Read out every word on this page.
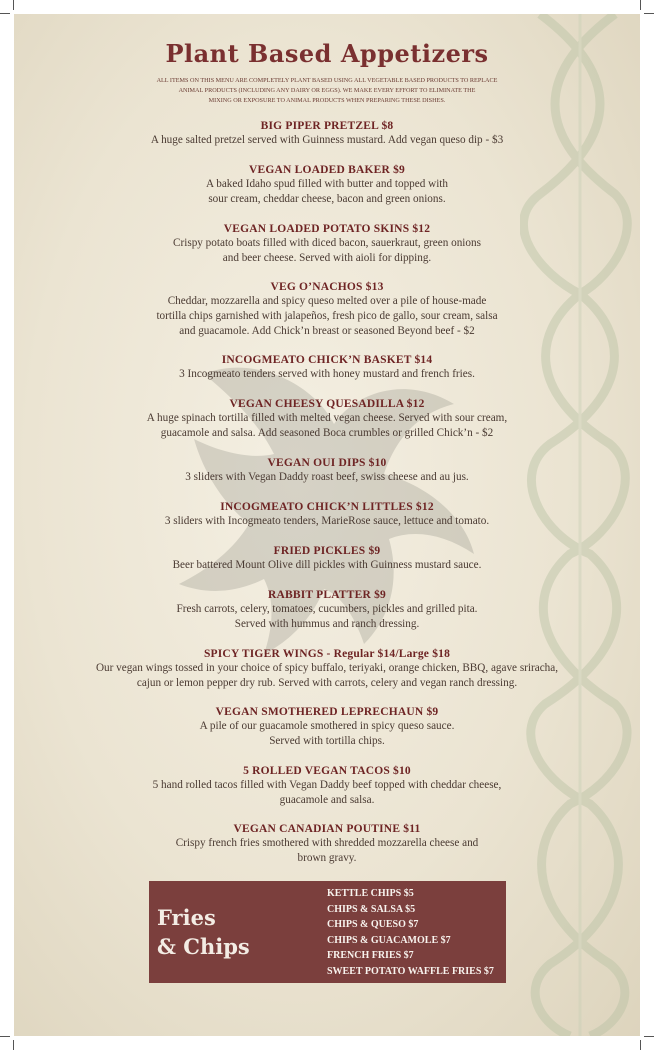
Plant Based Appetizers
ALL ITEMS ON THIS MENU ARE COMPLETELY PLANT BASED USING ALL VEGETABLE BASED PRODUCTS TO REPLACE
ANIMAL PRODUCTS (INCLUDING ANY DAIRY OR EGGS). WE MAKE EVERY EFFORT TO ELIMINATE THE
MIXING OR EXPOSURE TO ANIMAL PRODUCTS WHEN PREPARING THESE DISHES.
BIG PIPER PRETZEL $8
A huge salted pretzel served with Guinness mustard. Add vegan queso dip - $3
VEGAN LOADED BAKER $9
A baked Idaho spud filled with butter and topped with
sour cream, cheddar cheese, bacon and green onions.
VEGAN LOADED POTATO SKINS $12
Crispy potato boats filled with diced bacon, sauerkraut, green onions
and beer cheese. Served with aioli for dipping.
VEG O’NACHOS $13
Cheddar, mozzarella and spicy queso melted over a pile of house-made
tortilla chips garnished with jalapeños, fresh pico de gallo, sour cream, salsa
and guacamole. Add Chick’n breast or seasoned Beyond beef - $2
INCOGMEATO CHICK’N BASKET $14
3 Incogmeato tenders served with honey mustard and french fries.
VEGAN CHEESY QUESADILLA $12
A huge spinach tortilla filled with melted vegan cheese. Served with sour cream,
guacamole and salsa. Add seasoned Boca crumbles or grilled Chick’n - $2
VEGAN OUI DIPS $10
3 sliders with Vegan Daddy roast beef, swiss cheese and au jus.
INCOGMEATO CHICK’N LITTLES $12
3 sliders with Incogmeato tenders, MarieRose sauce, lettuce and tomato.
FRIED PICKLES $9
Beer battered Mount Olive dill pickles with Guinness mustard sauce.
RABBIT PLATTER $9
Fresh carrots, celery, tomatoes, cucumbers, pickles and grilled pita.
Served with hummus and ranch dressing.
SPICY TIGER WINGS - Regular $14/Large $18
Our vegan wings tossed in your choice of spicy buffalo, teriyaki, orange chicken, BBQ, agave sriracha,
cajun or lemon pepper dry rub. Served with carrots, celery and vegan ranch dressing.
VEGAN SMOTHERED LEPRECHAUN $9
A pile of our guacamole smothered in spicy queso sauce.
Served with tortilla chips.
5 ROLLED VEGAN TACOS $10
5 hand rolled tacos filled with Vegan Daddy beef topped with cheddar cheese,
guacamole and salsa.
VEGAN CANADIAN POUTINE $11
Crispy french fries smothered with shredded mozzarella cheese and
brown gravy.
Fries
& Chips
KETTLE CHIPS $5
CHIPS & SALSA $5
CHIPS & QUESO $7
CHIPS & GUACAMOLE $7
FRENCH FRIES $7
SWEET POTATO WAFFLE FRIES $7
